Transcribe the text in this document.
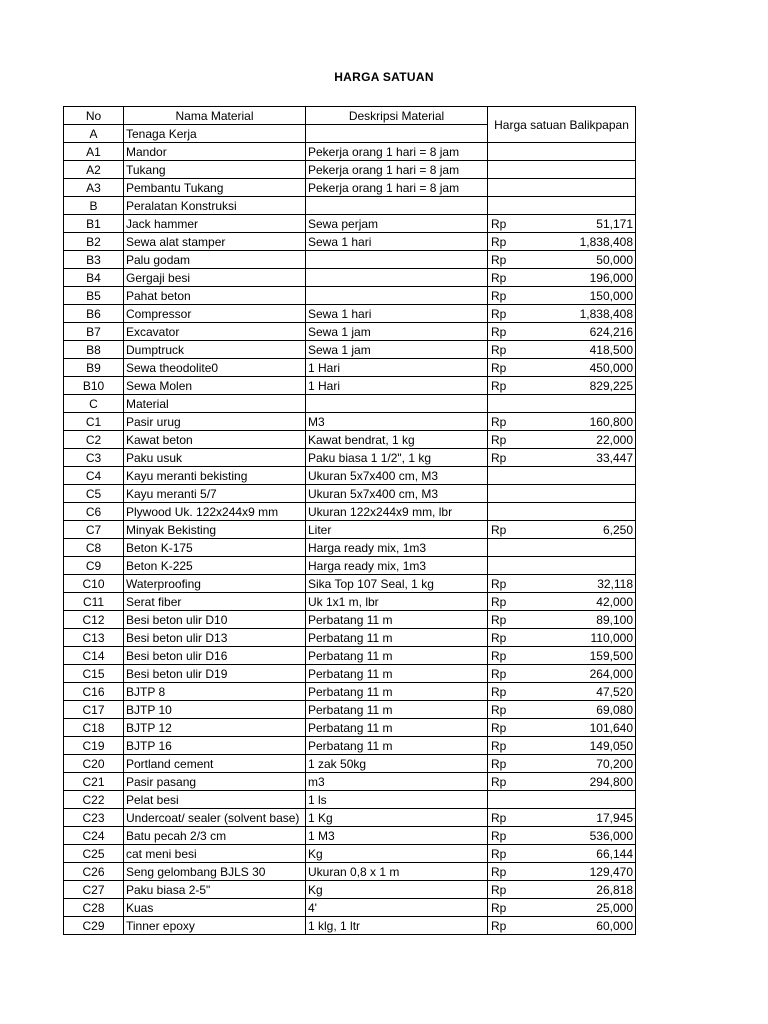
HARGA SATUAN
No	Nama Material	Deskripsi Material	Harga satuan Balikpapan
A	Tenaga Kerja		
A1	Mandor	Pekerja orang 1 hari = 8 jam	

A2	Tukang	Pekerja orang 1 hari = 8 jam	

A3	Pembantu Tukang	Pekerja orang 1 hari = 8 jam	

B	Peralatan Konstruksi		

B1	Jack hammer	Sewa perjam	Rp 51,171

B2	Sewa alat stamper	Sewa 1 hari	Rp 1,838,408

B3	Palu godam		Rp 50,000

B4	Gergaji besi		Rp 196,000

B5	Pahat beton		Rp 150,000

B6	Compressor	Sewa 1 hari	Rp 1,838,408

B7	Excavator	Sewa 1 jam	Rp 624,216

B8	Dumptruck	Sewa 1 jam	Rp 418,500

B9	Sewa theodolite0	1 Hari	Rp 450,000

B10	Sewa Molen	1 Hari	Rp 829,225

C	Material		

C1	Pasir urug	M3	Rp 160,800

C2	Kawat beton	Kawat bendrat, 1 kg	Rp 22,000

C3	Paku usuk	Paku biasa 1 1/2", 1 kg	Rp 33,447

C4	Kayu meranti bekisting	Ukuran 5x7x400 cm, M3	

C5	Kayu meranti 5/7	Ukuran 5x7x400 cm, M3	

C6	Plywood Uk. 122x244x9 mm	Ukuran 122x244x9 mm, lbr	

C7	Minyak Bekisting	Liter	Rp 6,250

C8	Beton K-175	Harga ready mix, 1m3	

C9	Beton K-225	Harga ready mix, 1m3	

C10	Waterproofing	Sika Top 107 Seal, 1 kg	Rp 32,118

C11	Serat fiber	Uk 1x1 m, lbr	Rp 42,000

C12	Besi beton ulir D10	Perbatang 11 m	Rp 89,100

C13	Besi beton ulir D13	Perbatang 11 m	Rp 110,000

C14	Besi beton ulir D16	Perbatang 11 m	Rp 159,500

C15	Besi beton ulir D19	Perbatang 11 m	Rp 264,000

C16	BJTP 8	Perbatang 11 m	Rp 47,520

C17	BJTP 10	Perbatang 11 m	Rp 69,080

C18	BJTP 12	Perbatang 11 m	Rp 101,640

C19	BJTP 16	Perbatang 11 m	Rp 149,050

C20	Portland cement	1 zak 50kg	Rp 70,200

C21	Pasir pasang	m3	Rp 294,800

C22	Pelat besi	1 ls	

C23	Undercoat/ sealer (solvent base)	1 Kg	Rp 17,945

C24	Batu pecah 2/3 cm	1 M3	Rp 536,000

C25	cat meni besi	Kg	Rp 66,144

C26	Seng gelombang BJLS 30	Ukuran 0,8 x 1 m	Rp 129,470

C27	Paku biasa 2-5"	Kg	Rp 26,818

C28	Kuas	4'	Rp 25,000

C29	Tinner epoxy	1 klg, 1 ltr	Rp 60,000
